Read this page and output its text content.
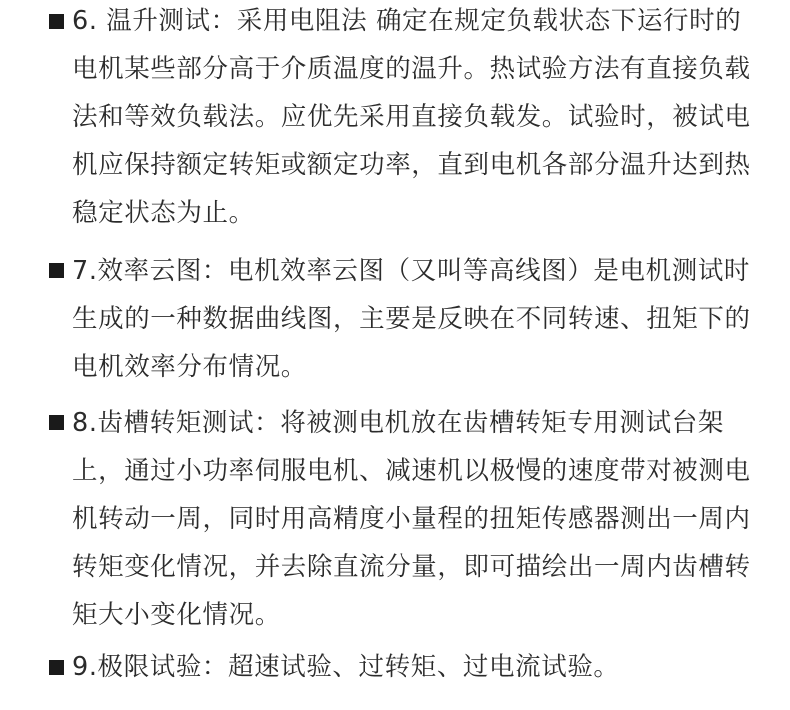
6. 温升测试：采用电阻法 确定在规定负载状态下运行时的电机某些部分高于介质温度的温升。热试验方法有直接负载法和等效负载法。应优先采用直接负载发。试验时，被试电机应保持额定转矩或额定功率，直到电机各部分温升达到热稳定状态为止。

7.效率云图：电机效率云图（又叫等高线图）是电机测试时生成的一种数据曲线图，主要是反映在不同转速、扭矩下的电机效率分布情况。

8.齿槽转矩测试：将被测电机放在齿槽转矩专用测试台架上，通过小功率伺服电机、减速机以极慢的速度带对被测电机转动一周，同时用高精度小量程的扭矩传感器测出一周内转矩变化情况，并去除直流分量，即可描绘出一周内齿槽转矩大小变化情况。

9.极限试验：超速试验、过转矩、过电流试验。
